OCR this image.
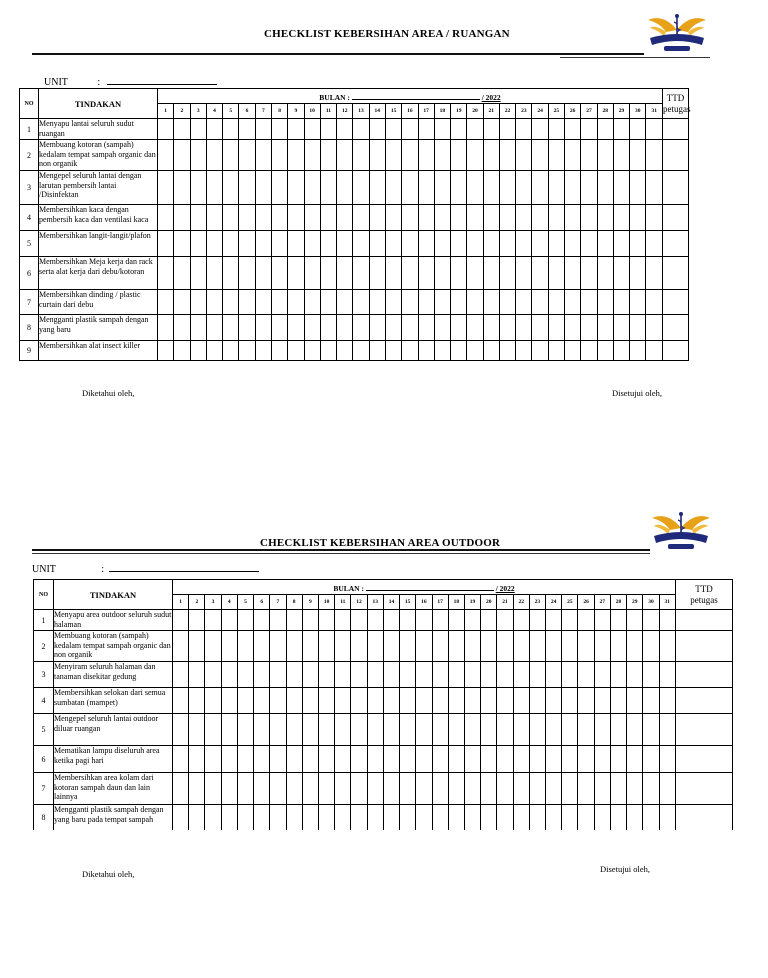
CHECKLIST KEBERSIHAN AREA / RUANGAN
UNIT	:
NO	TINDAKAN	BULAN : / 2022																															TTD
petugas

		1	2	3	4	5	6	7	8	9	10	11	12	13	14	15	16	17	18	19	20	21	22	23	24	25	26	27	28	29	30	31	
1	Menyapu lantai seluruh sudut ruangan																																
2	Membuang kotoran (sampah) kedalam tempat sampah organic dan non organik																																
3	Mengepel seluruh lantai dengan larutan pembersih lantai /Disinfektan																																
4	Membersihkan kaca dengan pembersih kaca dan ventilasi kaca																																
5	Membersihkan langit-langit/plafon																																
6	Membersihkan Meja kerja dan rack serta alat kerja dari debu/kotoran																																
7	Membersihkan dinding / plastic curtain dari debu																																
8	Mengganti plastik sampah dengan yang baru																																
9	Membersihkan alat insect killer																																
Diketahui oleh,	Disetujui oleh,
CHECKLIST KEBERSIHAN AREA OUTDOOR
UNIT	:
NO	TINDAKAN	BULAN : / 2022																															TTD
petugas

		1	2	3	4	5	6	7	8	9	10	11	12	13	14	15	16	17	18	19	20	21	22	23	24	25	26	27	28	29	30	31	
1	Menyapu area outdoor seluruh sudut halaman																																
2	Membuang kotoran (sampah) kedalam tempat sampah organic dan non organik																																
3	Menyiram seluruh halaman dan tanaman disekitar gedung																																
4	Membersihkan selokan dari semua sumbatan (mampet)																																
5	Mengepel seluruh lantai outdoor diluar ruangan																																
6	Mematikan lampu diseluruh area ketika pagi hari																																
7	Membersihkan area kolam dari kotoran sampah daun dan lain lainnya																																
8	Mengganti plastik sampah dengan yang baru pada tempat sampah																																
Diketahui oleh,	Disetujui oleh,
